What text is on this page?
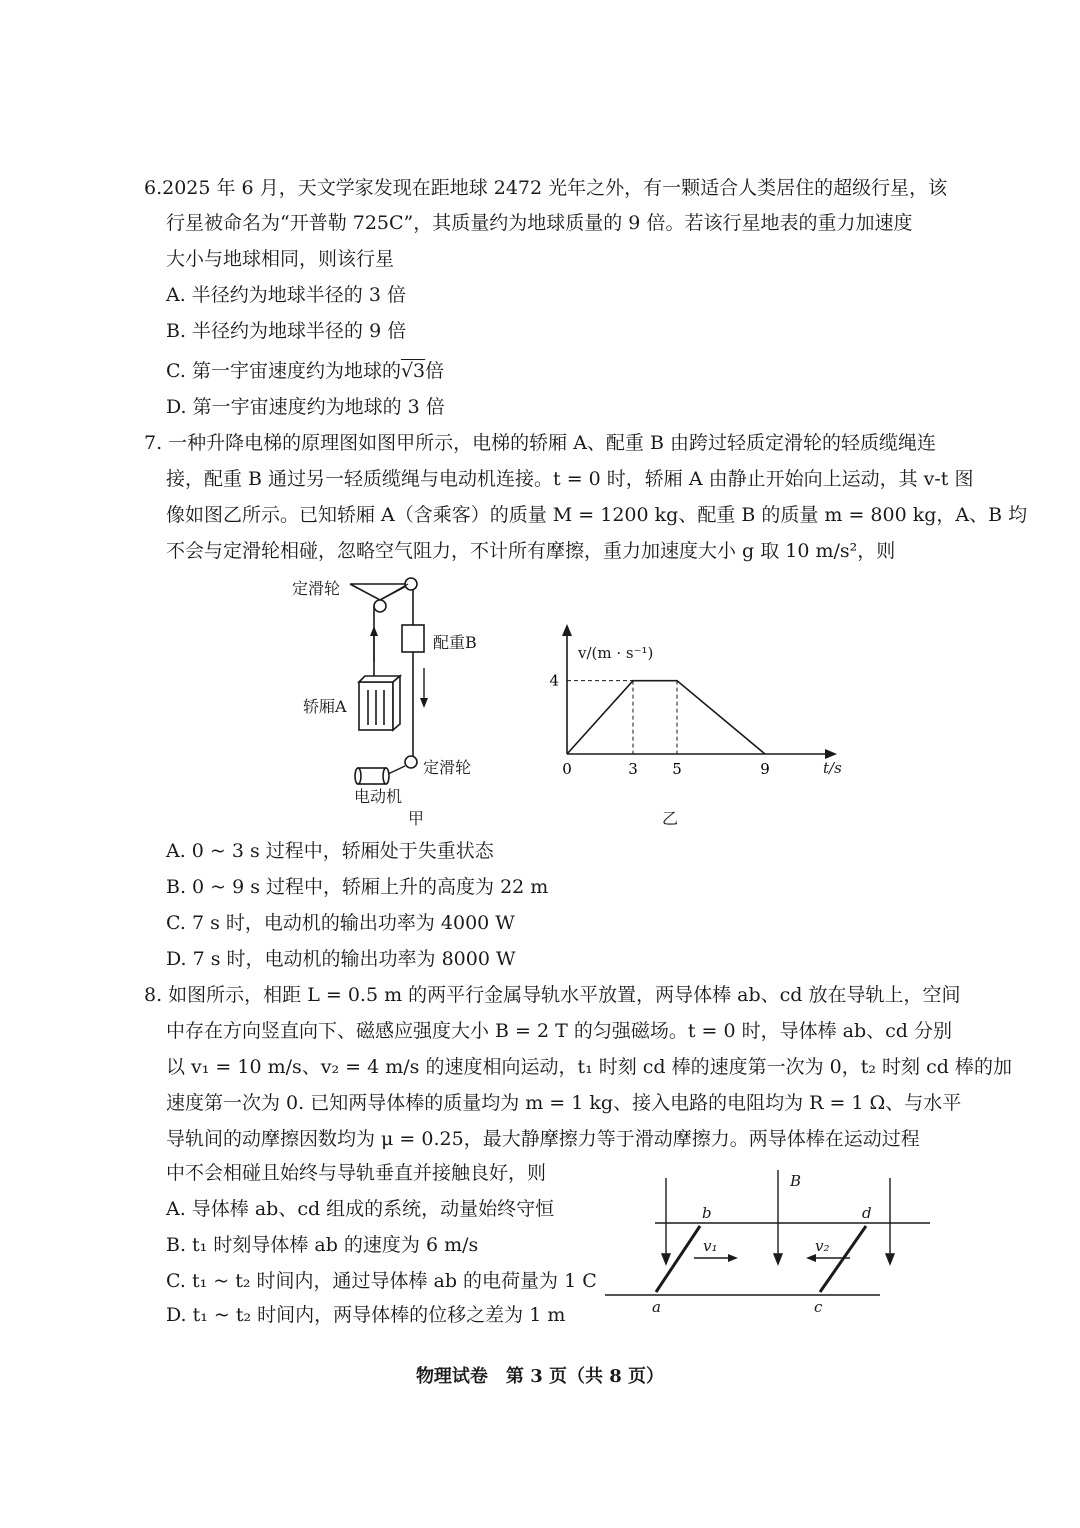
6.2025 年 6 月，天文学家发现在距地球 2472 光年之外，有一颗适合人类居住的超级行星，该
行星被命名为“开普勒 725C”，其质量约为地球质量的 9 倍。若该行星地表的重力加速度
大小与地球相同，则该行星
A. 半径约为地球半径的 3 倍
B. 半径约为地球半径的 9 倍
C. 第一宇宙速度约为地球的√3倍
D. 第一宇宙速度约为地球的 3 倍
7. 一种升降电梯的原理图如图甲所示，电梯的轿厢 A、配重 B 由跨过轻质定滑轮的轻质缆绳连
接，配重 B 通过另一轻质缆绳与电动机连接。t = 0 时，轿厢 A 由静止开始向上运动，其 v-t 图
像如图乙所示。已知轿厢 A（含乘客）的质量 M = 1200 kg、配重 B 的质量 m = 800 kg，A、B 均
不会与定滑轮相碰，忽略空气阻力，不计所有摩擦，重力加速度大小 g 取 10 m/s²，则
定滑轮
配重B
轿厢A
定滑轮
电动机
甲
0	3 5	9
4
v/(m · s⁻¹)
t/s
乙
A. 0 ~ 3 s 过程中，轿厢处于失重状态
B. 0 ~ 9 s 过程中，轿厢上升的高度为 22 m
C. 7 s 时，电动机的输出功率为 4000 W
D. 7 s 时，电动机的输出功率为 8000 W
8. 如图所示，相距 L = 0.5 m 的两平行金属导轨水平放置，两导体棒 ab、cd 放在导轨上，空间
中存在方向竖直向下、磁感应强度大小 B = 2 T 的匀强磁场。t = 0 时，导体棒 ab、cd 分别
以 v₁ = 10 m/s、v₂ = 4 m/s 的速度相向运动，t₁ 时刻 cd 棒的速度第一次为 0，t₂ 时刻 cd 棒的加
速度第一次为 0. 已知两导体棒的质量均为 m = 1 kg、接入电路的电阻均为 R = 1 Ω、与水平
导轨间的动摩擦因数均为 μ = 0.25，最大静摩擦力等于滑动摩擦力。两导体棒在运动过程
中不会相碰且始终与导轨垂直并接触良好，则
A. 导体棒 ab、cd 组成的系统，动量始终守恒
B. t₁ 时刻导体棒 ab 的速度为 6 m/s
C. t₁ ~ t₂ 时间内，通过导体棒 ab 的电荷量为 1 C
D. t₁ ~ t₂ 时间内，两导体棒的位移之差为 1 m
B
b	d
v₁	v₂
a	c
物理试卷　第 3 页（共 8 页）
